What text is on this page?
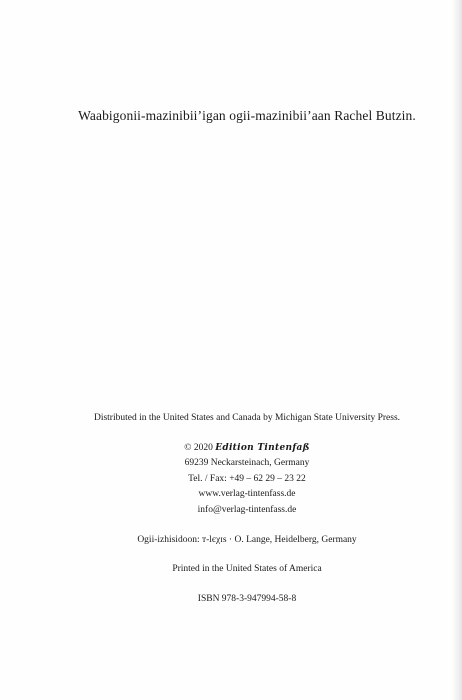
Waabigonii-mazinibii’igan ogii-mazinibii’aan Rachel Butzin.
Distributed in the United States and Canada by Michigan State University Press.
© 2020 Edition Tintenfaß
69239 Neckarsteinach, Germany
Tel. / Fax: +49 – 62 29 – 23 22
www.verlag-tintenfass.de
info@verlag-tintenfass.de
Ogii-izhisidoon: ᴛ-lєχɪs · O. Lange, Heidelberg, Germany
Printed in the United States of America
ISBN 978-3-947994-58-8
